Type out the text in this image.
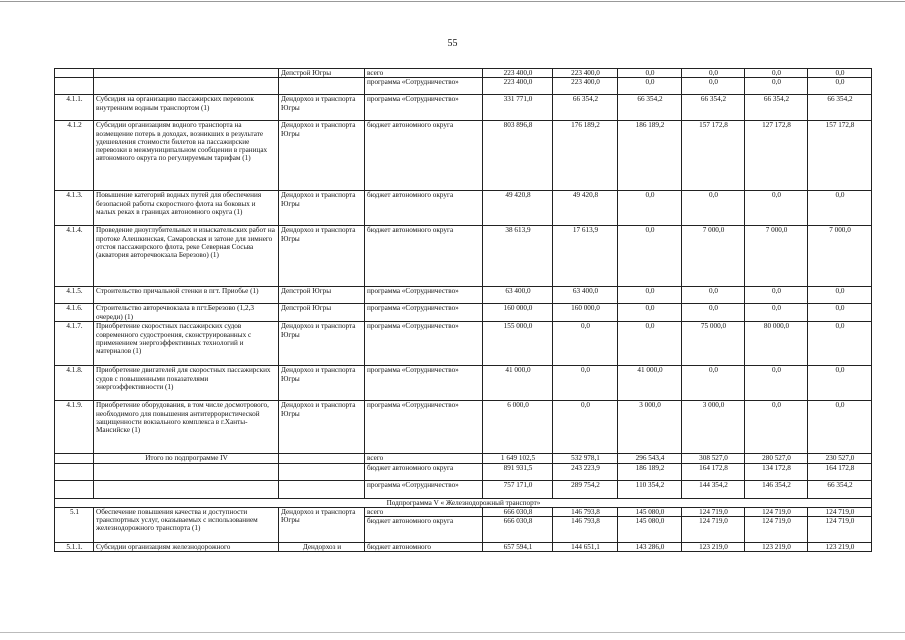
55
		Депстрой Югры	всего	223 400,0	223 400,0	0,0	0,0	0,0	0,0
			программа «Сотрудничество»	223 400,0	223 400,0	0,0	0,0	0,0	0,0
4.1.1.	Субсидия на организацию пассажирских перевозок внутренним водным транспортом (1)	Дендорхоз и транспорта Югры	программа «Сотрудничество»	331 771,0	66 354,2	66 354,2	66 354,2	66 354,2	66 354,2
4.1.2	Субсидии организациям водного транспорта на возмещение потерь в доходах, возникших в результате удешевления стоимости билетов на пассажирские перевозки в межмуниципальном сообщении в границах автономного округа по регулируемым тарифам (1)	Дендорхоз и транспорта Югры	бюджет автономного округа	803 896,8	176 189,2	186 189,2	157 172,8	127 172,8	157 172,8
4.1.3.	Повышение категорий водных путей для обеспечения безопасной работы скоростного флота на боковых и малых реках в границах автономного округа (1)	Дендорхоз и транспорта Югры	бюджет автономного округа	49 420,8	49 420,8	0,0	0,0	0,0	0,0
4.1.4.	Проведение дноуглубительных и изыскательских работ на протоке Алешкинская, Самаровская и затоне для зимнего отстоя пассажирского флота, реке Северная Сосьва (акватория авторечвокзала Березово) (1)	Дендорхоз и транспорта Югры	бюджет автономного округа	38 613,9	17 613,9	0,0	7 000,0	7 000,0	7 000,0
4.1.5.	Строительство причальной стенки в пгт. Приобье (1)	Депстрой Югры	программа «Сотрудничество»	63 400,0	63 400,0	0,0	0,0	0,0	0,0
4.1.6.	Строительство авторечвокзала в пгт.Березово (1,2,3 очереди) (1)	Депстрой Югры	программа «Сотрудничество»	160 000,0	160 000,0	0,0	0,0	0,0	0,0
4.1.7.	Приобретение скоростных пассажирских судов современного судостроения, сконструированных с применением энергоэффективных технологий и материалов (1)	Дендорхоз и транспорта Югры	программа «Сотрудничество»	155 000,0	0,0	0,0	75 000,0	80 000,0	0,0
4.1.8.	Приобретение двигателей для скоростных пассажирских судов с повышенными показателями энергоэффективности (1)	Дендорхоз и транспорта Югры	программа «Сотрудничество»	41 000,0	0,0	41 000,0	0,0	0,0	0,0
4.1.9.	Приобретение оборудования, в том числе досмотрового, необходимого для повышения антитеррористической защищенности вокзального комплекса в г.Ханты-Мансийске (1)	Дендорхоз и транспорта Югры	программа «Сотрудничество»	6 000,0	0,0	3 000,0	3 000,0	0,0	0,0
	Итого по подпрограмме IV		всего	1 649 102,5	532 978,1	296 543,4	308 527,0	280 527,0	230 527,0
			бюджет автономного округа	891 931,5	243 223,9	186 189,2	164 172,8	134 172,8	164 172,8
			программа «Сотрудничество»	757 171,0	289 754,2	110 354,2	144 354,2	146 354,2	66 354,2
Подпрограмма V « Железнодорожный транспорт»									
5.1	Обеспечение повышения качества и доступности транспортных услуг, оказываемых с использованием железнодорожного транспорта (1)	Дендорхоз и транспорта Югры	всего	666 030,8	146 793,8	145 080,0	124 719,0	124 719,0	124 719,0
			бюджет автономного округа	666 030,8	146 793,8	145 080,0	124 719,0	124 719,0	124 719,0
5.1.1.	Субсидии организациям железнодорожного	Дендорхоз и	бюджет автономного	657 594,1	144 651,1	143 286,0	123 219,0	123 219,0	123 219,0
